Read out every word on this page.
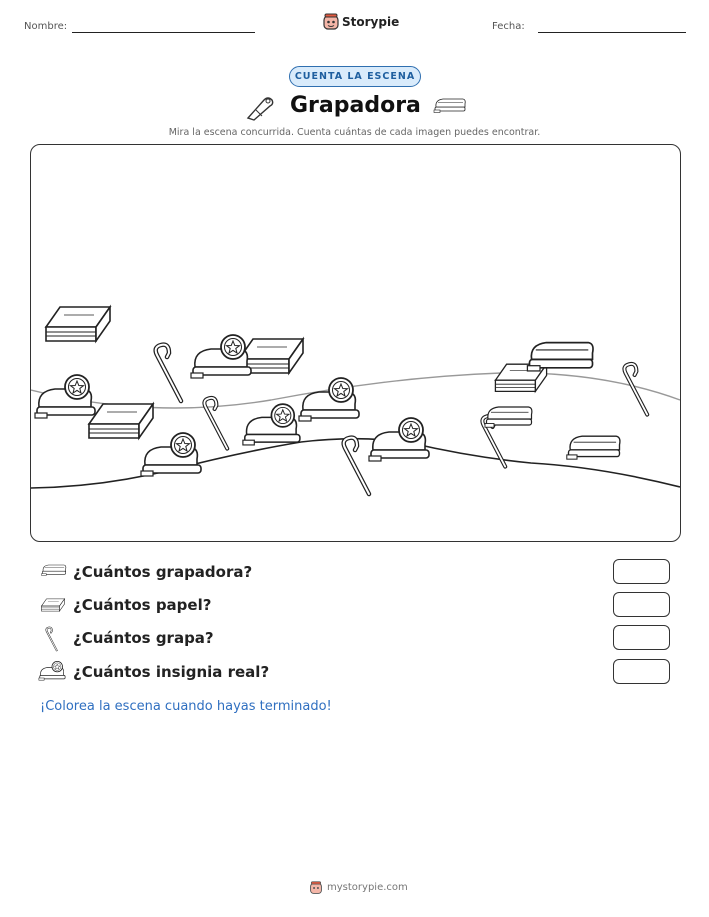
Nombre:	Storypie	Fecha:
CUENTA LA ESCENA
Grapadora
Mira la escena concurrida. Cuenta cuántas de cada imagen puedes encontrar.
¿Cuántos grapadora?
¿Cuántos papel?
¿Cuántos grapa?
¿Cuántos insignia real?
¡Colorea la escena cuando hayas terminado!
mystorypie.com
